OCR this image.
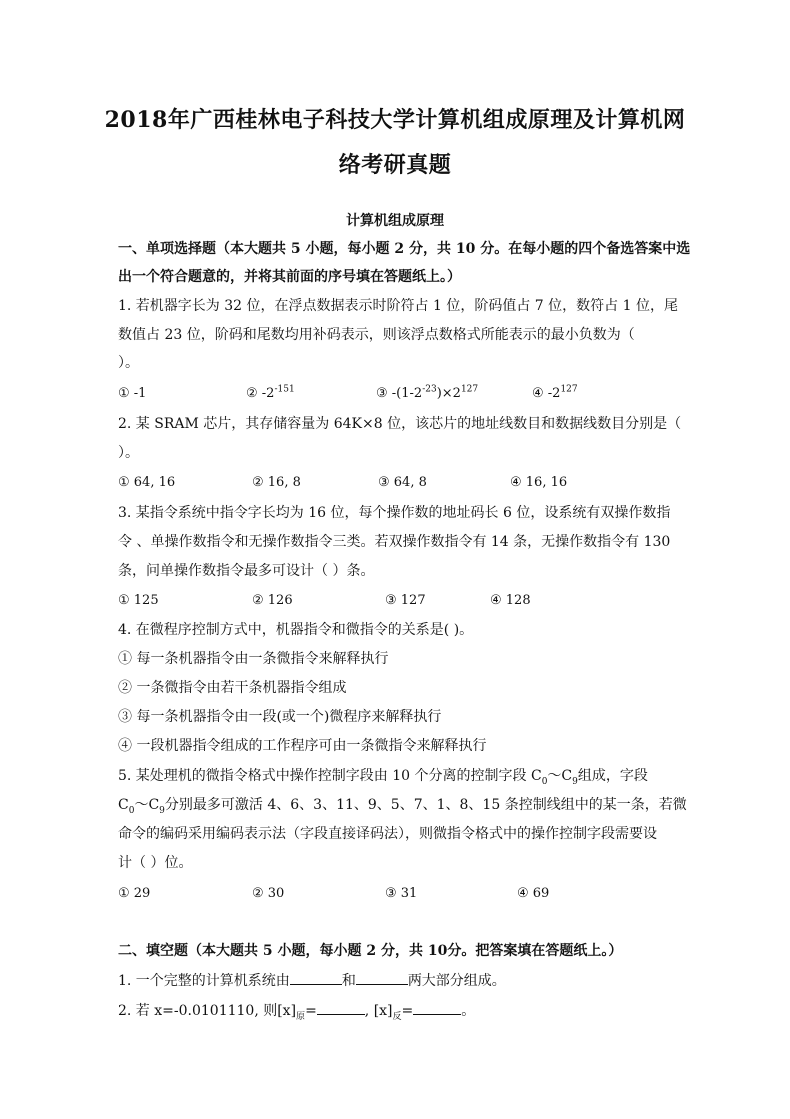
2018年广西桂林电子科技大学计算机组成原理及计算机网
络考研真题
计算机组成原理
一、单项选择题（本大题共 5 小题，每小题 2 分，共 10 分。在每小题的四个备选答案中选
出一个符合题意的，并将其前面的序号填在答题纸上。）
1. 若机器字长为 32 位，在浮点数据表示时阶符占 1 位，阶码值占 7 位，数符占 1 位，尾
数值占 23 位，阶码和尾数均用补码表示，则该浮点数格式所能表示的最小负数为（
）。
① -1	② $-2^{-151}$	③ $-(1-2^{-23})\times 2^{127}$	④ $-2^{127}$
2. 某 SRAM 芯片，其存储容量为 64K×8 位，该芯片的地址线数目和数据线数目分别是（
）。
① 64, 16	② 16, 8	③ 64, 8	④ 16, 16
3. 某指令系统中指令字长均为 16 位，每个操作数的地址码长 6 位，设系统有双操作数指
令 、单操作数指令和无操作数指令三类。若双操作数指令有 14 条，无操作数指令有 130
条，问单操作数指令最多可设计（ ）条。
① 125	② 126	③ 127	④ 128
4. 在微程序控制方式中，机器指令和微指令的关系是( )。
① 每一条机器指令由一条微指令来解释执行
② 一条微指令由若干条机器指令组成
③ 每一条机器指令由一段(或一个)微程序来解释执行
④ 一段机器指令组成的工作程序可由一条微指令来解释执行
5. 某处理机的微指令格式中操作控制字段由 10 个分离的控制字段 $C_0\sim C_9$组成，字段
$C_0\sim C_9$分别最多可激活 4、6、3、11、9、5、7、1、8、15 条控制线组中的某一条，若微
命令的编码采用编码表示法（字段直接译码法），则微指令格式中的操作控制字段需要设
计（ ）位。
① 29	② 30	③ 31	④ 69
二、填空题（本大题共 5 小题，每小题 2 分，共 10分。把答案填在答题纸上。）
1. 一个完整的计算机系统由	和	两大部分组成。
2. 若 x=-0.0101110, 则$[x]_原=$	, $[x]_反=$	。
